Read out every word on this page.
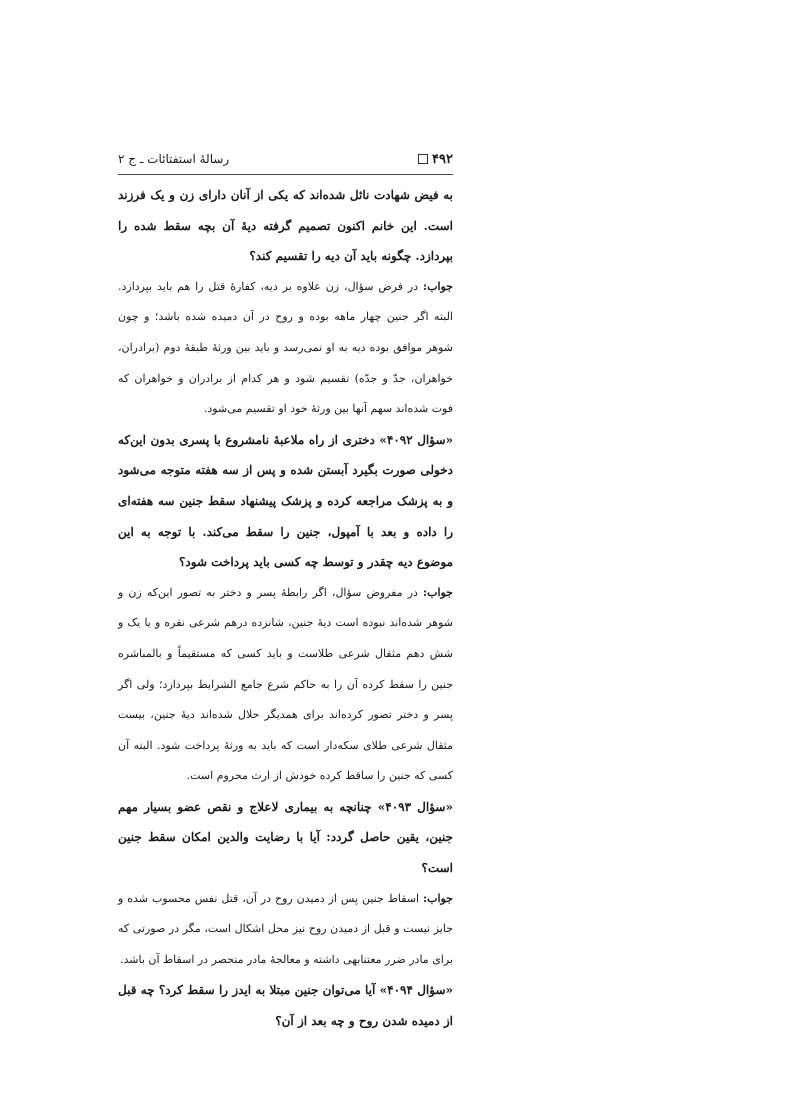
رسالهٔ استفتائات ـ ج ۲	۴۹۲

به فیض شهادت نائل شده‌اند که یکی از آنان دارای زن و یک فرزند است. این خانم اکنون تصمیم گرفته دیهٔ آن بچه سقط شده را بپردازد. چگونه باید آن دیه را تقسیم کند؟

جواب: در فرض سؤال، زن علاوه بر دیه، کفارهٔ قتل را هم باید بپردازد. البته اگر جنین چهار ماهه بوده و روح در آن دمیده شده باشد؛ و چون شوهر موافق بوده دیه به او نمی‌رسد و باید بین ورثهٔ طبقهٔ دوم (برادران، خواهران، جدّ و جدّه) تقسیم شود و هر کدام از برادران و خواهران که فوت شده‌اند سهم آنها بین ورثهٔ خود او تقسیم می‌شود.

«سؤال ۴۰۹۲» دختری از راه ملاعبهٔ نامشروع با پسری بدون این‌که دخولی صورت بگیرد آبستن شده و پس از سه هفته متوجه می‌شود و به پزشک مراجعه کرده و پزشک پیشنهاد سقط جنین سه هفته‌ای را داده و بعد با آمپول، جنین را سقط می‌کند. با توجه به این موضوع دیه چقدر و توسط چه کسی باید پرداخت شود؟

جواب: در مفروض سؤال، اگر رابطهٔ پسر و دختر به تصور این‌که زن و شوهر شده‌اند نبوده است دیهٔ جنین، شانزده درهم شرعی نقره و یا یک و شش دهم مثقال شرعی طلاست و باید کسی که مستقیماً و بالمباشره جنین را سقط کرده آن را به حاکم شرع جامع الشرایط بپردازد؛ ولی اگر پسر و دختر تصور کرده‌اند برای همدیگر حلال شده‌اند دیهٔ جنین، بیست مثقال شرعی طلای سکه‌دار است که باید به ورثهٔ پرداخت شود. البته آن کسی که جنین را ساقط کرده خودش از ارث محروم است.

«سؤال ۴۰۹۳» چنانچه به بیماری لاعلاج و نقص عضو بسیار مهم جنین، یقین حاصل گردد: آیا با رضایت والدین امکان سقط جنین است؟

جواب: اسقاط جنین پس از دمیدن روح در آن، قتل نفس محسوب شده و جایز نیست و قبل از دمیدن روح نیز محل اشکال است، مگر در صورتی که برای مادر ضرر معتنابهی داشته و معالجهٔ مادر منحصر در اسقاط آن باشد.

«سؤال ۴۰۹۴» آیا می‌توان جنین مبتلا به ایدز را سقط کرد؟ چه قبل از دمیده شدن روح و چه بعد از آن؟
